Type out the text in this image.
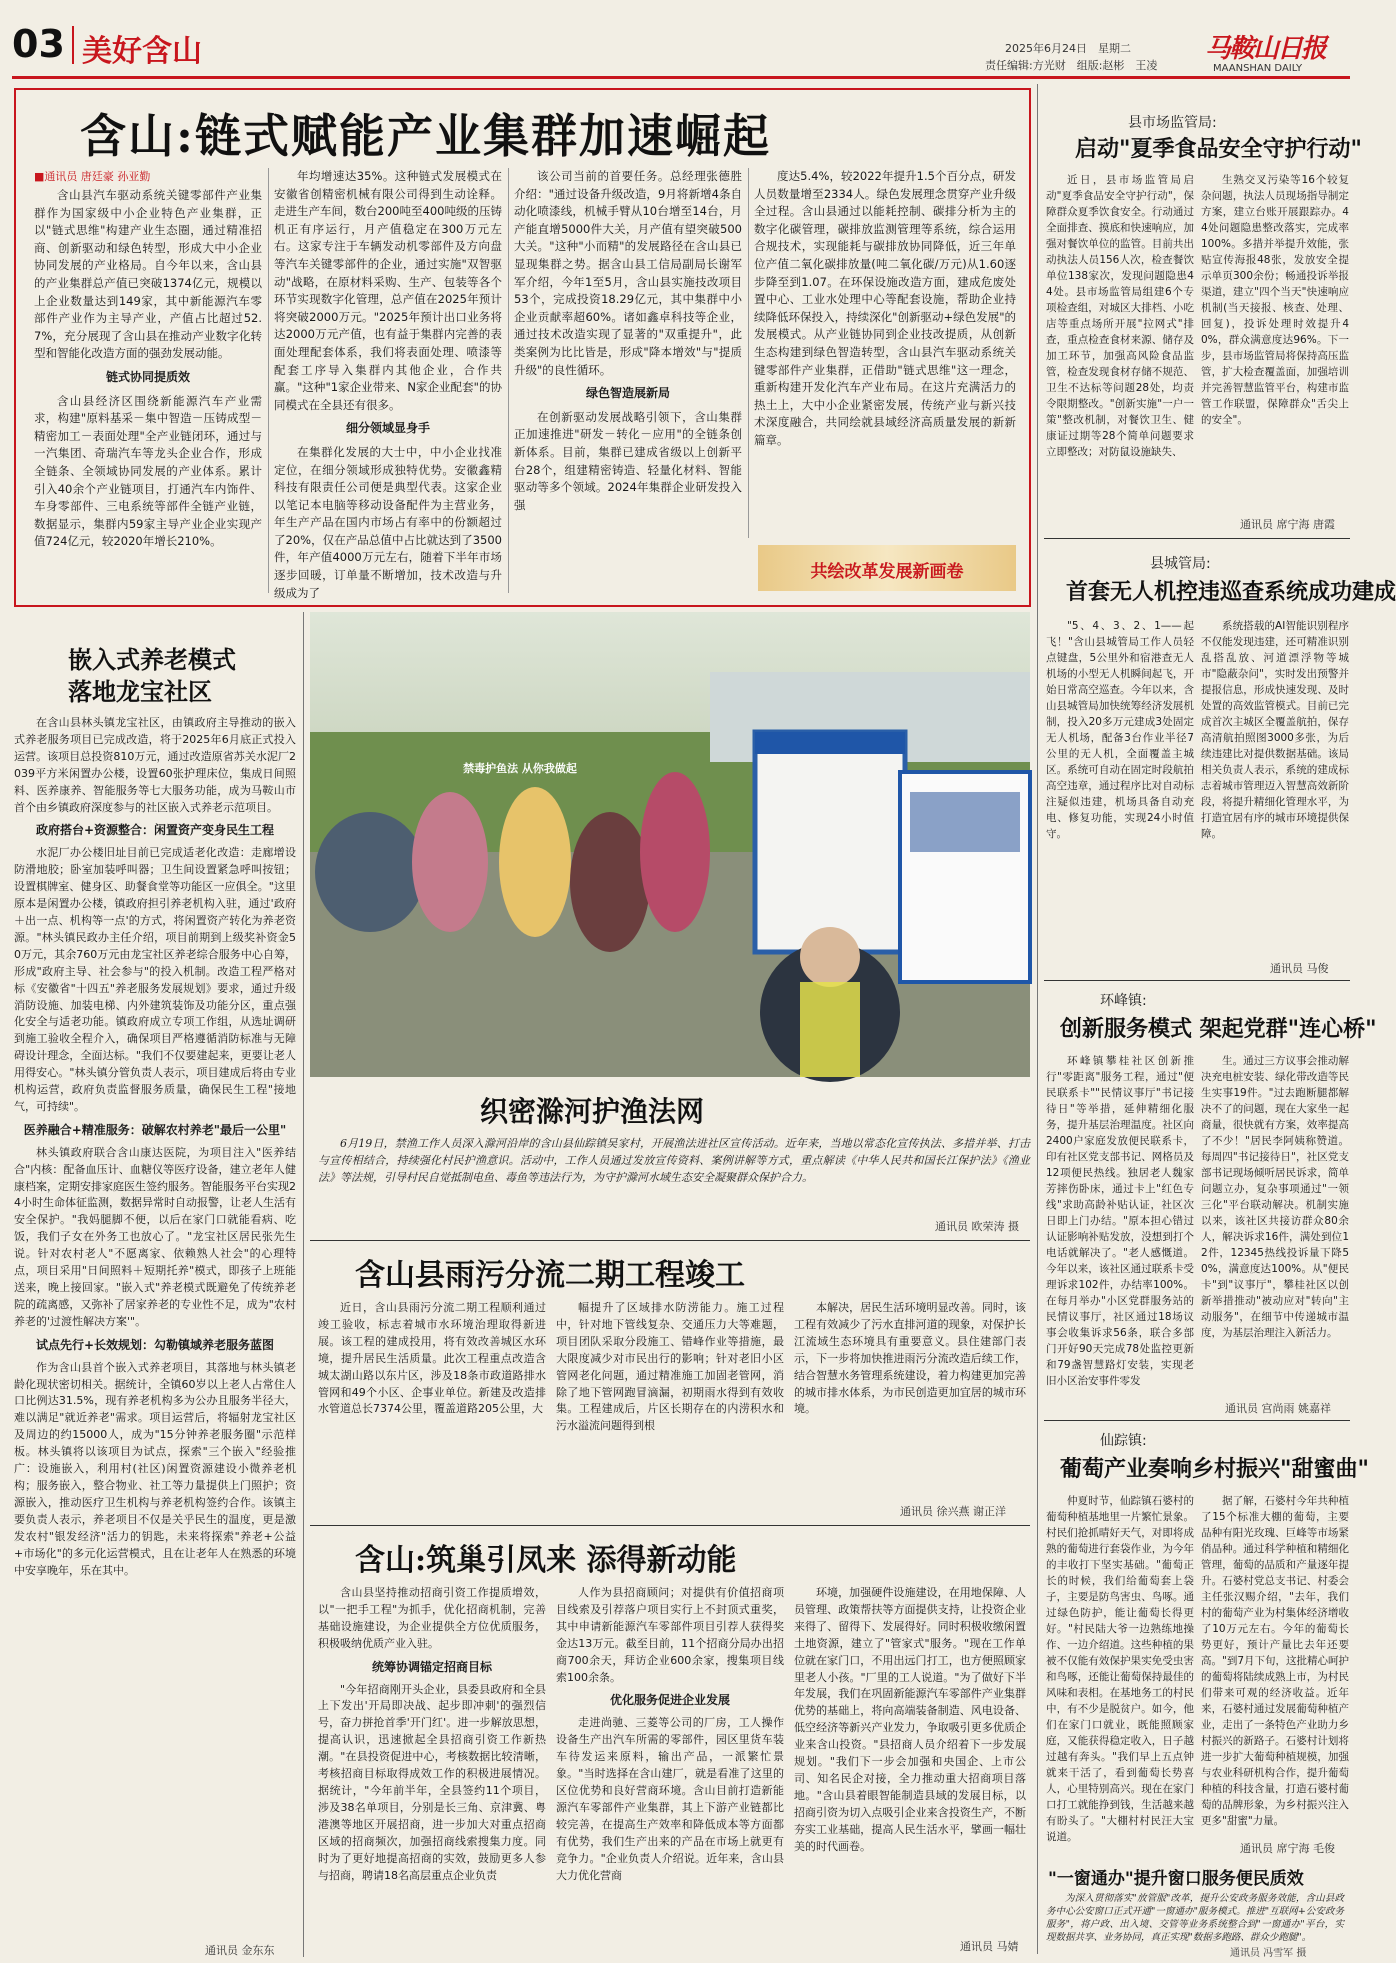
03 美好含山	2025年6月24日　 星期二
责任编辑:方光财　组版:赵彬　王凌
马鞍山日报
MAANSHAN DAILY
含山:链式赋能产业集群加速崛起
■通讯员 唐廷豪 孙亚勤

含山县汽车驱动系统关键零部件产业集群作为国家级中小企业特色产业集群，正以"链式思维"构建产业生态圈，通过精准招商、创新驱动和绿色转型，形成大中小企业协同发展的产业格局。自今年以来，含山县的产业集群总产值已突破1374亿元，规模以上企业数量达到149家，其中新能源汽车零部件产业作为主导产业，产值占比超过52.7%，充分展现了含山县在推动产业数字化转型和智能化改造方面的强劲发展动能。

链式协同提质效

含山县经济区围绕新能源汽车产业需求，构建"原料基采－集中智造－压铸成型－精密加工－表面处理"全产业链闭环，通过与一汽集团、奇瑞汽车等龙头企业合作，形成全链条、全领域协同发展的产业体系。累计引入40余个产业链项目，打通汽车内饰件、车身零部件、三电系统等部件全链产业链，数据显示，集群内59家主导产业企业实现产值724亿元，较2020年增长210%。

年均增速达35%。这种链式发展模式在安徽省创精密机械有限公司得到生动诠释。走进生产车间，数台200吨至400吨级的压铸机正有序运行，月产值稳定在300万元左右。这家专注于车辆发动机零部件及方向盘等汽车关键零部件的企业，通过实施"双智驱动"战略，在原材料采购、生产、包装等各个环节实现数字化管理，总产值在2025年预计将突破2000万元。"2025年预计出口业务将达2000万元产值，也有益于集群内完善的表面处理配套体系，我们将表面处理、喷漆等配套工序导入集群内其他企业，合作共赢。"这种"1家企业带来、N家企业配套"的协同模式在全县还有很多。

细分领域显身手

在集群化发展的大士中，中小企业找准定位，在细分领域形成独特优势。安徽鑫精科技有限责任公司便是典型代表。这家企业以笔记本电脑等移动设备配件为主营业务，年生产产品在国内市场占有率中的份额超过了20%，仅在产品总值中占比就达到了3500件，年产值4000万元左右，随着下半年市场逐步回暖，订单量不断增加，技术改造与升级成为了

该公司当前的首要任务。总经理张德胜介绍："通过设备升级改造，9月将新增4条自动化喷漆线，机械手臂从10台增至14台，月产能直增5000件大关，月产值有望突破500大关。"这种"小而精"的发展路径在含山县已显现集群之势。据含山县工信局副局长谢军军介绍，今年1至5月，含山县实施技改项目53个，完成投资18.29亿元，其中集群中小企业贡献率超60%。诸如鑫卓科技等企业，通过技术改造实现了显著的"双重提升"，此类案例为比比皆是，形成"降本增效"与"提质升级"的良性循环。

绿色智造展新局

在创新驱动发展战略引领下，含山集群正加速推进"研发－转化－应用"的全链条创新体系。目前，集群已建成省级以上创新平台28个，组建精密铸造、轻量化材料、智能驱动等多个领域。2024年集群企业研发投入强

度达5.4%，较2022年提升1.5个百分点，研发人员数量增至2334人。绿色发展理念贯穿产业升级全过程。含山县通过以能耗控制、碳排分析为主的数字化碳管理，碳排放监测管理等系统，综合运用合规技术，实现能耗与碳排放协同降低，近三年单位产值二氧化碳排放量(吨二氧化碳/万元)从1.60逐步降至到1.07。在环保设施改造方面，建成危废处置中心、工业水处理中心等配套设施，帮助企业持续降低环保投入，持续深化"创新驱动+绿色发展"的发展模式。从产业链协同到企业技改提质，从创新生态构建到绿色智造转型，含山县汽车驱动系统关键零部件产业集群，正借助"链式思维"这一理念，重新构建开发化汽车产业布局。在这片充满活力的热土上，大中小企业紧密发展，传统产业与新兴技术深度融合，共同绘就县域经济高质量发展的新新篇章。

共绘改革发展新画卷
县市场监管局:
启动"夏季食品安全守护行动"

近日，县市场监管局启动"夏季食品安全守护行动"，保障群众夏季饮食安全。行动通过全面排查、摸底和快速响应，加强对餐饮单位的监管。目前共出动执法人员156人次，检查餐饮单位138家次，发现问题隐患44处。县市场监管局组建6个专项检查组，对城区大排档、小吃店等重点场所开展"拉网式"排查，重点检查食材来源、储存及加工环节，加强高风险食品监管，检查发现食材存储不规范、卫生不达标等问题28处，均责令限期整改。"创新实施"一户一策"整改机制，对餐饮卫生、健康证过期等28个简单问题要求立即整改；对防鼠设施缺失、

生熟交叉污染等16个较复杂问题，执法人员现场指导制定方案，建立台账开展跟踪办。44处问题隐患整改落实，完成率100%。多措并举提升效能，张贴宣传海报48张，发放安全提示单页300余份；畅通投诉举报渠道，建立"四个当天"快速响应机制(当天接报、核查、处理、回复)，投诉处理时效提升40%，群众满意度达96%。下一步，县市场监管局将保持高压监管，扩大检查覆盖面，加强培训并完善智慧监管平台，构建市监管工作联盟，保障群众"舌尖上的安全"。

通讯员 席宁海 唐霞
县城管局:
首套无人机控违巡查系统成功建成

"5、4、3、2、1——起飞！"含山县城管局工作人员轻点键盘，5公里外和宿港查无人机场的小型无人机瞬间起飞，开始日常高空巡查。今年以来，含山县城管局加快统筹经济发展机制，投入20多万元建成3处固定无人机场，配备3台作业半径7公里的无人机，全面覆盖主城区。系统可自动在固定时段航拍高空违章，通过程序比对自动标注疑似违建，机场具备自动充电、修复功能，实现24小时值守。

系统搭载的AI智能识别程序不仅能发现违建，还可精准识别乱搭乱放、河道漂浮物等城市"隐蔽杂问"，实时发出预警并提报信息，形成快速发现、及时处置的高效监管模式。目前已完成首次主城区全覆盖航拍，保存高清航拍照图3000多张，为后续违建比对提供数据基础。该局相关负责人表示，系统的建成标志着城市管理迈入智慧高效新阶段，将提升精细化管理水平，为打造宜居有序的城市环境提供保障。

通讯员 马俊
环峰镇:
创新服务模式 架起党群"连心桥"

环峰镇攀桂社区创新推行"零距离"服务工程，通过"便民联系卡""民情议事厅"书记接待日"等举措，延伸精细化服务，提升基层治理温度。社区向2400户家庭发放便民联系卡，印有社区党支部书记、网格员及12项便民热线。独居老人魏家芳摔伤卧床，通过卡上"红色专线"求助高龄补贴认证，社区次日即上门办结。"原本担心错过认证影响补贴发放，没想到打个电话就解决了。"老人感慨道。今年以来，该社区通过联系卡受理诉求102件，办结率100%。在每月举办"小区党群服务站的民情议事厅，社区通过18场议事会收集诉求56条，联合多部门开好90天完成78处监控更新和79盏智慧路灯安装，实现老旧小区治安事件零发

生。通过三方议事会推动解决充电桩安装、绿化带改造等民生实事19件。"过去跑断腿都解决不了的问题，现在大家坐一起商量，很快就有方案，效率提高了不少！"居民李阿姨称赞道。每周四"书记接待日"，社区党支部书记现场倾听居民诉求，简单问题立办，复杂事项通过"一领三化"平台联动解决。机制实施以来，该社区共接访群众80余人，解决诉求16件，满处到位12件，12345热线投诉量下降50%，满意度达100%。从"便民卡"到"议事厅"，攀桂社区以创新举措推动"被动应对"转向"主动服务"，在细节中传递城市温度，为基层治理注入新活力。

通讯员 宫尚雨 姚嘉祥
仙踪镇:
葡萄产业奏响乡村振兴"甜蜜曲"

仲夏时节，仙踪镇石婆村的葡萄种植基地里一片繁忙景象。村民们抢抓晴好天气，对即将成熟的葡萄进行套袋作业，为今年的丰收打下坚实基础。"葡萄正长的时候，我们给葡萄套上袋子，主要是防鸟害虫、鸟啄。通过绿色防护，能让葡萄长得更好。"村民陆大爷一边熟练地操作、一边介绍道。这些种植的果被不仅能有效保护果实免受虫害和鸟啄，还能让葡萄保持最佳的风味和表相。在基地务工的村民中，有不少是脱贫户。如今，他们在家门口就业，既能照顾家庭，又能获得稳定收入，日子越过越有奔头。"我们早上五点钟就来干活了，看到葡萄长势喜人，心里特别高兴。现在在家门口打工就能挣到钱，生活越来越有盼头了。"大棚村村民汪大宝说道。

据了解，石婆村今年共种植了15个标准大棚的葡萄，主要品种有阳光玫瑰、巨峰等市场紧俏品种。通过科学种植和精细化管理，葡萄的品质和产量逐年提升。石婆村党总支书记、村委会主任张汉赐介绍，"去年，我们村的葡萄产业为村集体经济增收了10万元左右。今年的葡萄长势更好，预计产量比去年还要高。"到7月下旬，这批精心呵护的葡萄将陆续成熟上市，为村民们带来可观的经济收益。近年来，石婆村通过发展葡萄种植产业，走出了一条特色产业助力乡村振兴的新路子。石婆村计划将进一步扩大葡萄种植规模，加强与农业科研机构合作，提升葡萄种植的科技含量，打造石婆村葡萄的品牌形象，为乡村振兴注入更多"甜蜜"力量。

通讯员 席宁海 毛俊
嵌入式养老模式
落地龙宝社区

在含山县林头镇龙宝社区，由镇政府主导推动的嵌入式养老服务项目已完成改造，将于2025年6月底正式投入运营。该项目总投资810万元，通过改造原省苏关水泥厂2039平方米闲置办公楼，设置60张护理床位，集成日间照料、医养康养、智能服务等七大服务功能，成为马鞍山市首个由乡镇政府深度参与的社区嵌入式养老示范项目。

政府搭台+资源整合：闲置资产变身民生工程

水泥厂办公楼旧址目前已完成适老化改造：走廊增设防滑地胶；卧室加装呼叫器；卫生间设置紧急呼叫按钮；设置棋牌室、健身区、助餐食堂等功能区一应俱全。"这里原本是闲置办公楼，镇政府担引养老机构入驻，通过'政府＋出一点、机构等一点'的方式，将闲置资产转化为养老资源。"林头镇民政办主任介绍，项目前期到上级奖补资金50万元，其余760万元由龙宝社区养老综合服务中心自筹，形成"政府主导、社会参与"的投入机制。改造工程严格对标《安徽省"十四五"养老服务发展规划》要求，通过升级消防设施、加装电梯、内外建筑装饰及功能分区，重点强化安全与适老功能。镇政府成立专项工作组，从选址调研到施工验收全程介入，确保项目严格遵循消防标准与无障碍设计理念，全面达标。"我们不仅要建起来，更要让老人用得安心。"林头镇分管负责人表示，项目建成后将由专业机构运营，政府负责监督服务质量，确保民生工程"接地气，可持续"。

医养融合+精准服务：破解农村养老"最后一公里"

林头镇政府联合含山康达医院，为项目注入"医养结合"内核：配备血压计、血糖仪等医疗设备，建立老年人健康档案，定期安排家庭医生签约服务。智能服务平台实现24小时生命体征监测，数据异常时自动报警，让老人生活有安全保护。"我妈腿脚不便，以后在家门口就能看病、吃饭，我们子女在外务工也放心了。"龙宝社区居民张先生说。针对农村老人"不愿离家、依赖熟人社会"的心理特点，项目采用"日间照料＋短期托养"模式，即孩子上班能送来，晚上接回家。"嵌入式"养老模式既避免了传统养老院的疏离感，又弥补了居家养老的专业性不足，成为"农村养老的'过渡性解决方案'"。

试点先行+长效规划：勾勒镇域养老服务蓝图

作为含山县首个嵌入式养老项目，其落地与林头镇老龄化现状密切相关。据统计，全镇60岁以上老人占常住人口比例达31.5%，现有养老机构多为公办且服务半径大，难以满足"就近养老"需求。项目运营后，将辐射龙宝社区及周边的约15000人，成为"15分钟养老服务圈"示范样板。林头镇将以该项目为试点，探索"三个嵌入"经验推广：设施嵌入，利用村(社区)闲置资源建设小微养老机构；服务嵌入，整合物业、社工等力量提供上门照护；资源嵌入，推动医疗卫生机构与养老机构签约合作。该镇主要负责人表示，养老项目不仅是关乎民生的温度，更是激发农村"银发经济"活力的钥匙，未来将探索"养老+公益+市场化"的多元化运营模式，且在让老年人在熟悉的环境中安享晚年，乐在其中。

通讯员 金东东
禁毒护鱼法 从你我做起
织密滁河护渔法网

6月19日，禁渔工作人员深入滁河沿岸的含山县仙踪镇吴家村，开展渔法进社区宣传活动。近年来，当地以常态化宣传执法、多措并举、打击与宣传相结合，持续强化村民护渔意识。活动中，工作人员通过发放宣传资料、案例讲解等方式，重点解读《中华人民共和国长江保护法》《渔业法》等法规，引导村民自觉抵制电鱼、毒鱼等违法行为，为守护滁河水域生态安全凝聚群众保护合力。

通讯员 欧荣涛 摄
含山县雨污分流二期工程竣工

近日，含山县雨污分流二期工程顺利通过竣工验收，标志着城市水环境治理取得新进展。该工程的建成投用，将有效改善城区水环境，提升居民生活质量。此次工程重点改造含城太湖山路以东片区，涉及18条市政道路排水管网和49个小区、企事业单位。新建及改造排水管道总长7374公里，覆盖道路205公里，大

幅提升了区域排水防涝能力。施工过程中，针对地下管线复杂、交通压力大等难题，项目团队采取分段施工、错峰作业等措施，最大限度减少对市民出行的影响；针对老旧小区管网老化问题，通过精准施工加固老管网，消除了地下管网跑冒滴漏，初期雨水得到有效收集。工程建成后，片区长期存在的内涝积水和污水溢流问题得到根

本解决，居民生活环境明显改善。同时，该工程有效减少了污水直排河道的现象，对保护长江流域生态环境具有重要意义。县住建部门表示，下一步将加快推进雨污分流改造后续工作，结合智慧水务管理系统建设，着力构建更加完善的城市排水体系，为市民创造更加宜居的城市环境。

通讯员 徐兴燕 谢正洋
含山:筑巢引凤来 添得新动能

含山县坚持推动招商引资工作提质增效，以"一把手工程"为抓手，优化招商机制，完善基础设施建设，为企业提供全方位优质服务，积极吸纳优质产业入驻。

统筹协调锚定招商目标

"今年招商刚开头企业，县委县政府和全县上下发出'开局即决战、起步即冲刺'的强烈信号，奋力拼抢首季'开门红'。进一步解放思想，提高认识，迅速掀起全县招商引资工作新热潮。"在县投资促进中心，考核数据比较清晰，考核招商目标取得成效工作的积极进展情况。据统计，"今年前半年，全县签约11个项目，涉及38名单项目，分别是长三角、京津冀、粤港澳等地区开展招商，进一步加大对重点招商区域的招商频次，加强招商线索搜集力度。同时为了更好地提高招商的实效，鼓励更多人参与招商，聘请18名高层重点企业负责

人作为县招商顾问；对提供有价值招商项目线索及引荐落户项目实行上不封顶式重奖，其中申请新能源汽车零部件项目引荐人获得奖金达13万元。截至目前，11个招商分局办出招商700余天，拜访企业600余家，搜集项目线索100余条。

优化服务促进企业发展

走进尚驰、三菱等公司的厂房，工人操作设备生产出汽车所需的零部件，园区里货车装车待发运来原料，输出产品，一派繁忙景象。"当时选择在含山建厂，就是看准了这里的区位优势和良好营商环境。含山目前打造新能源汽车零部件产业集群，其上下游产业链都比较完善，在提高生产效率和降低成本等方面都有优势，我们生产出来的产品在市场上就更有竞争力。"企业负责人介绍说。近年来，含山县大力优化营商

环境，加强硬件设施建设，在用地保障、人员管理、政策帮扶等方面提供支持，让投资企业来得了、留得下、发展得好。同时积极收缴闲置土地资源，建立了"管家式"服务。"现在工作单位就在家门口，不用出远门打工，也方便照顾家里老人小孩。"厂里的工人说道。"为了做好下半年发展，我们在巩固新能源汽车零部件产业集群优势的基础上，将向高端装备制造、风电设备、低空经济等新兴产业发力，争取吸引更多优质企业来含山投资。"县招商人员介绍着下一步发展规划。"我们下一步会加强和央国企、上市公司、知名民企对接，全力推动重大招商项目落地。"含山县着眼智能制造县域的发展目标，以招商引资为切入点吸引企业来含投资生产，不断夯实工业基础，提高人民生活水平，擘画一幅壮美的时代画卷。

通讯员 马婧
"一窗通办"提升窗口服务便民质效

为深入贯彻落实"放管服"改革，提升公安政务服务效能，含山县政务中心公安窗口正式开通"一窗通办"服务模式。推进"互联网+公安政务服务"，将户政、出入境、交管等业务系统整合到"一窗通办"平台，实现数据共享、业务协同，真正实现"数据多跑路、群众少跑腿"。

通讯员 冯雪军 摄
